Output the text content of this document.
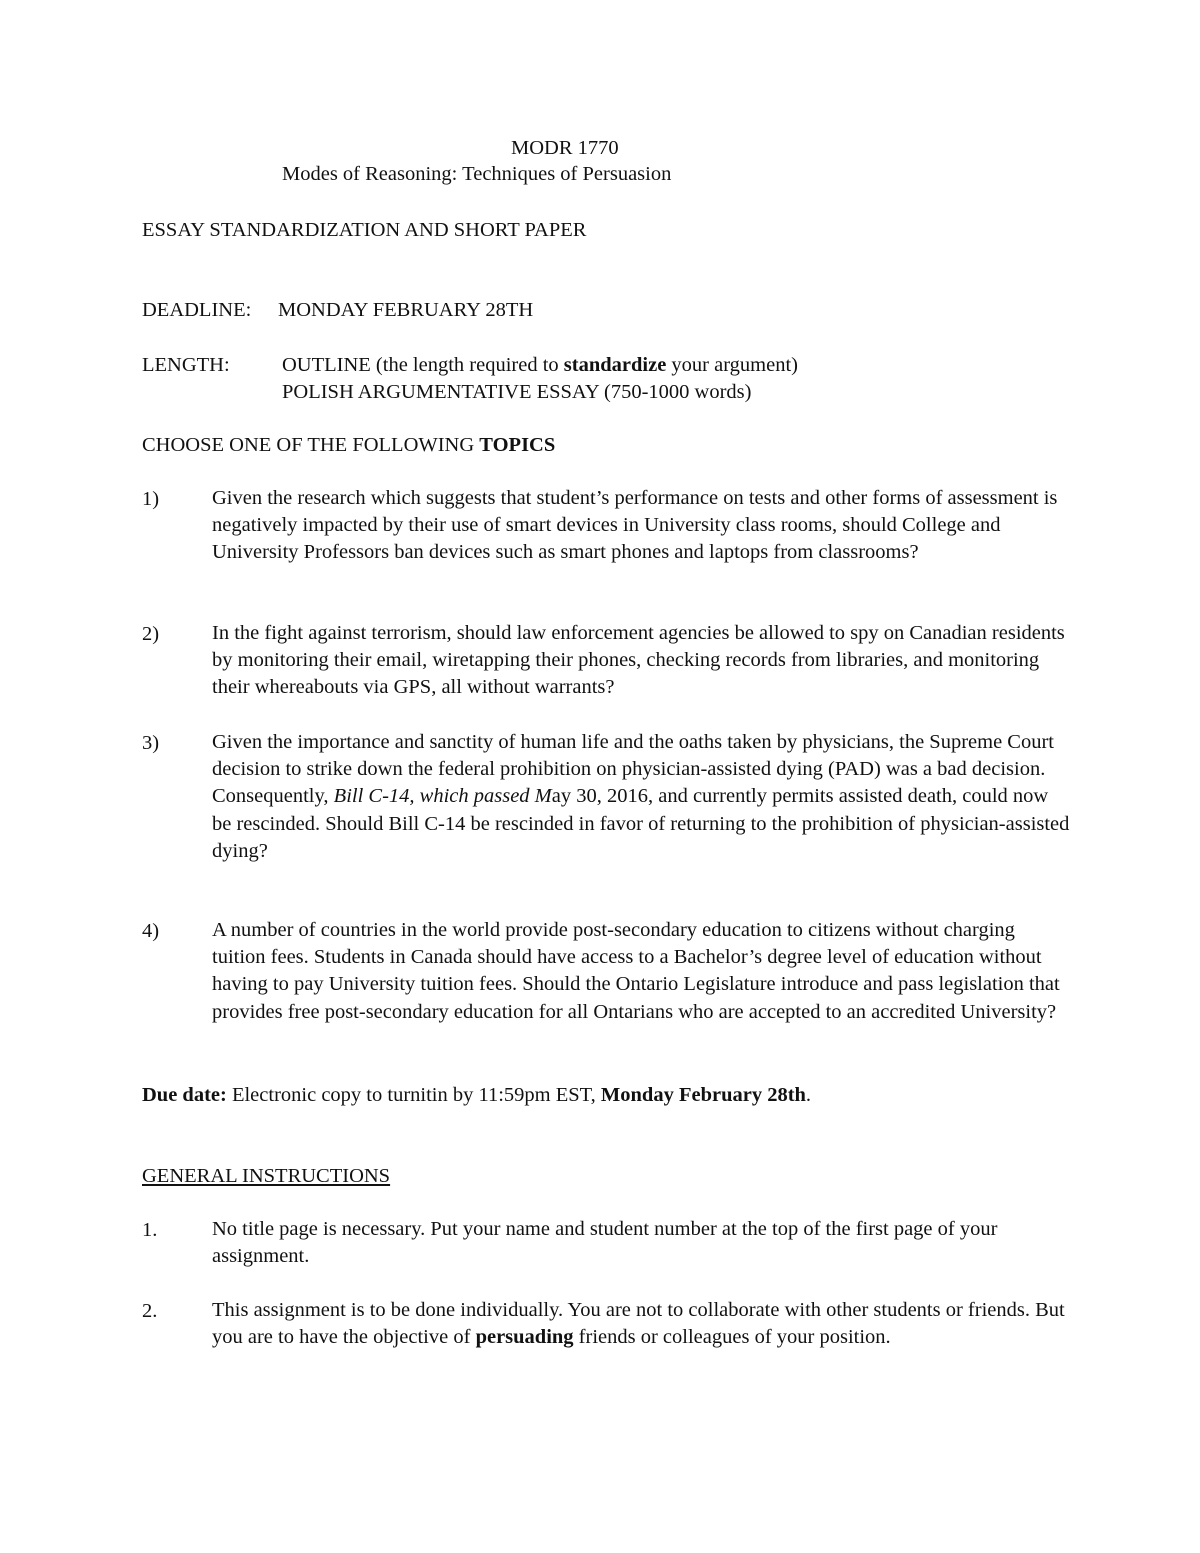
MODR 1770
Modes of Reasoning: Techniques of Persuasion
ESSAY STANDARDIZATION AND SHORT PAPER
DEADLINE: MONDAY FEBRUARY 28TH
LENGTH:	OUTLINE (the length required to standardize your argument)
POLISH ARGUMENTATIVE ESSAY (750-1000 words)
CHOOSE ONE OF THE FOLLOWING TOPICS
1)	Given the research which suggests that student’s performance on tests and other forms of assessment is negatively impacted by their use of smart devices in University class rooms, should College and University Professors ban devices such as smart phones and laptops from classrooms?
2)	In the fight against terrorism, should law enforcement agencies be allowed to spy on Canadian residents by monitoring their email, wiretapping their phones, checking records from libraries, and monitoring their whereabouts via GPS, all without warrants?
3)	Given the importance and sanctity of human life and the oaths taken by physicians, the Supreme Court decision to strike down the federal prohibition on physician-assisted dying (PAD) was a bad decision. Consequently, Bill C-14, which passed May 30, 2016, and currently permits assisted death, could now be rescinded. Should Bill C-14 be rescinded in favor of returning to the prohibition of physician-assisted dying?
4)	A number of countries in the world provide post-secondary education to citizens without charging tuition fees. Students in Canada should have access to a Bachelor’s degree level of education without having to pay University tuition fees. Should the Ontario Legislature introduce and pass legislation that provides free post-secondary education for all Ontarians who are accepted to an accredited University?
Due date: Electronic copy to turnitin by 11:59pm EST, Monday February 28th.
GENERAL INSTRUCTIONS
1.	No title page is necessary. Put your name and student number at the top of the first page of your assignment.
2.	This assignment is to be done individually. You are not to collaborate with other students or friends. But you are to have the objective of persuading friends or colleagues of your position.
